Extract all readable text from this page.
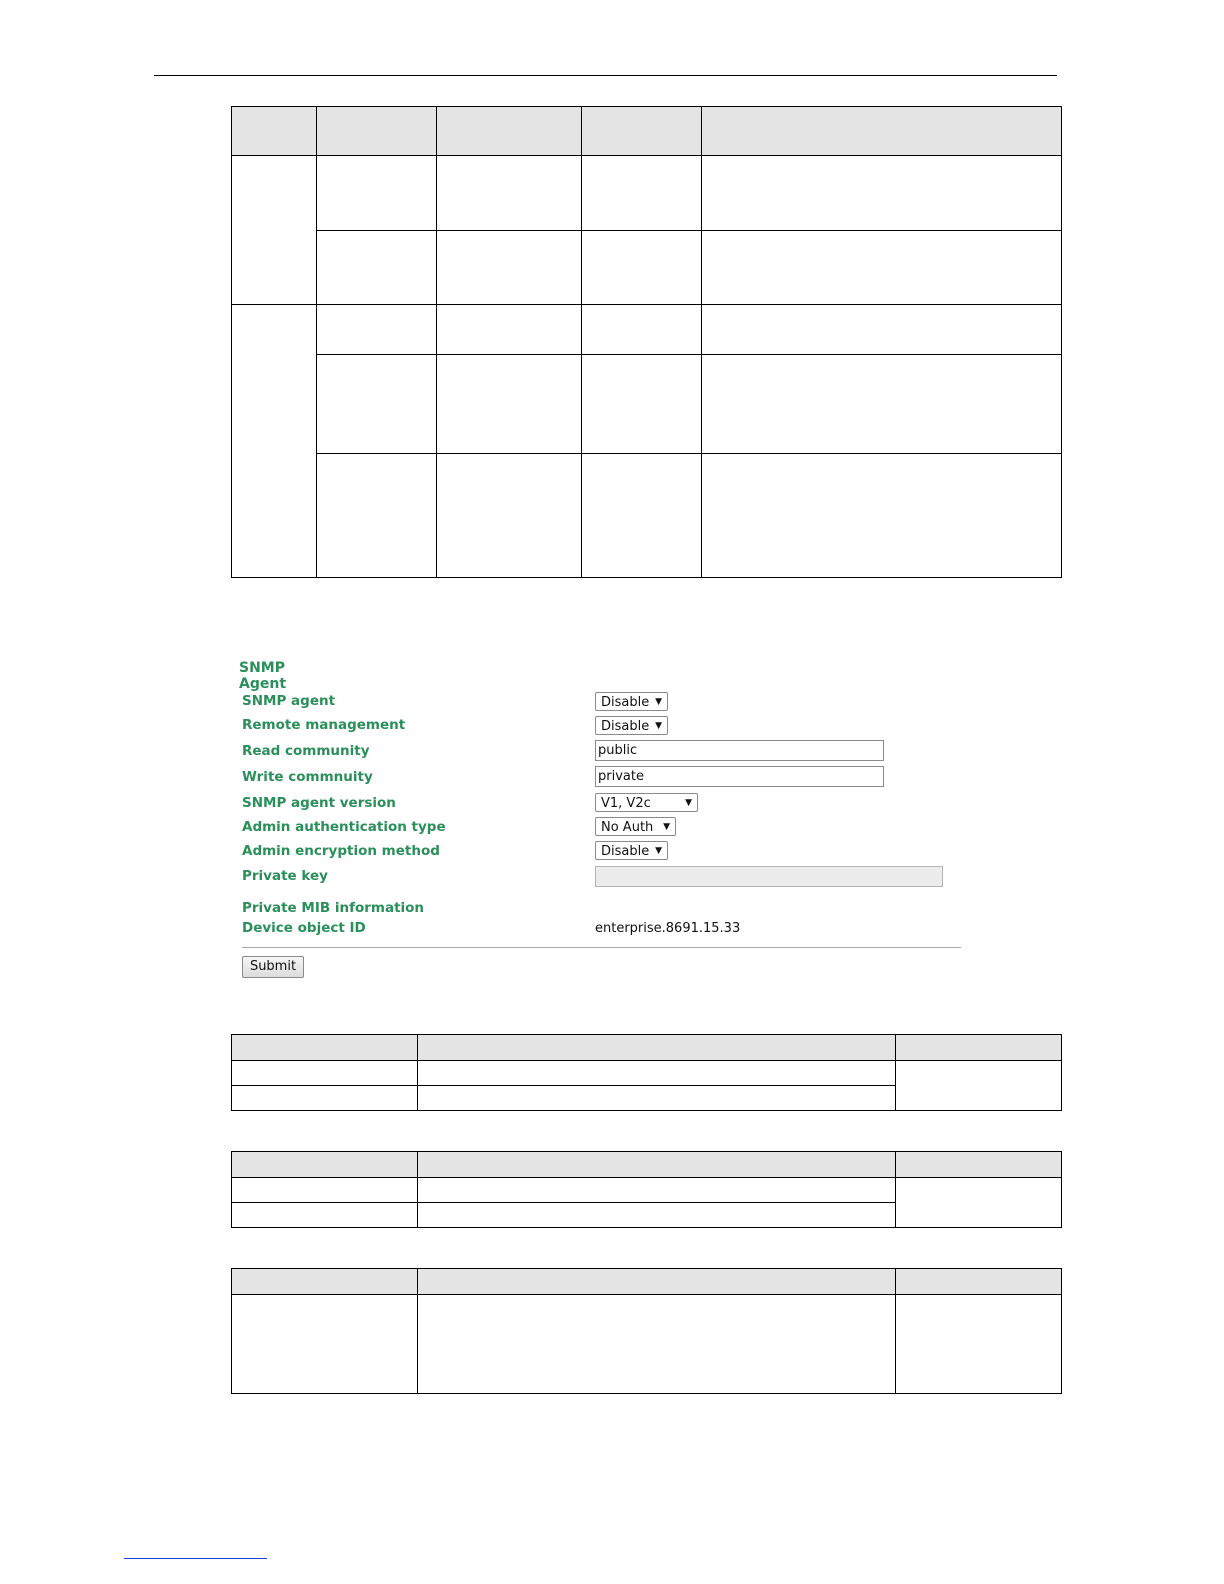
SNMP Agent
SNMP agent	Disable ▼
Remote management	Disable ▼
Read community	public
Write commnuity	private
SNMP agent version	V1, V2c	▼
Admin authentication type	No Auth ▼
Admin encryption method	Disable ▼
Private key
Private MIB information
Device object ID	enterprise.8691.15.33
Submit
